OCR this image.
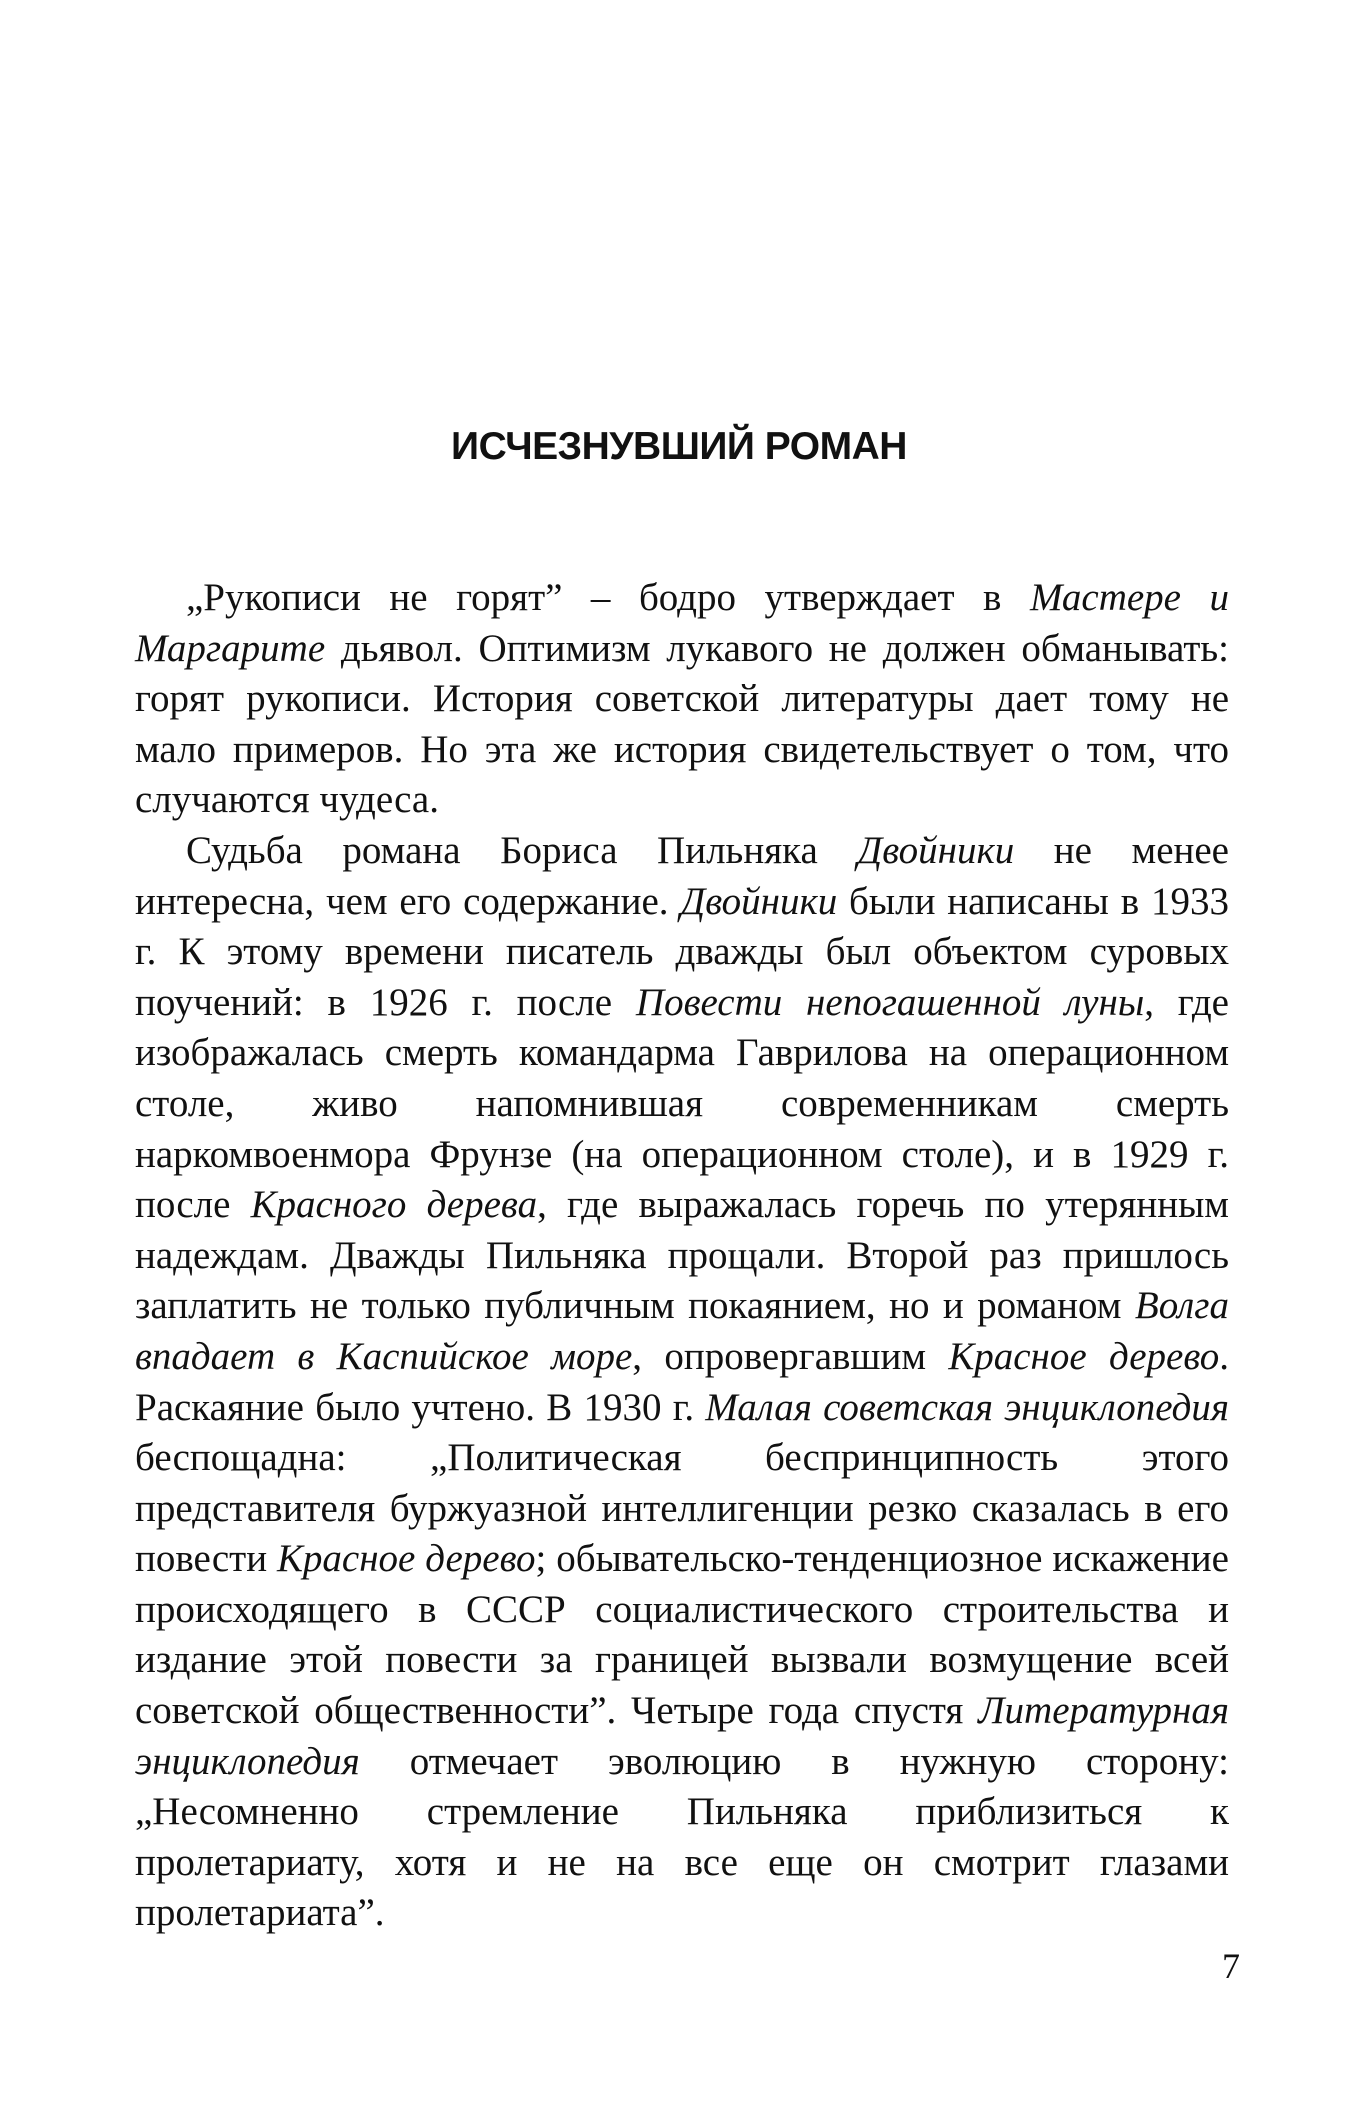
ИСЧЕЗНУВШИЙ РОМАН

„Рукописи не горят” – бодро утверждает в Мастере и Маргарите дьявол. Оптимизм лукавого не должен обманывать: горят рукописи. История советской литературы дает тому не мало примеров. Но эта же история свидетельствует о том, что случаются чудеса.

Судьба романа Бориса Пильняка Двойники не менее интересна, чем его содержание. Двойники были написаны в 1933 г. К этому времени писатель дважды был объектом суровых поучений: в 1926 г. после Повести непогашенной луны, где изображалась смерть командарма Гаврилова на операционном столе, живо напомнившая современникам смерть наркомвоенмора Фрунзе (на операционном столе), и в 1929 г. после Красного дерева, где выражалась горечь по утерянным надеждам. Дважды Пильняка прощали. Второй раз пришлось заплатить не только публичным покаянием, но и романом Волга впадает в Каспийское море, опровергавшим Красное дерево. Раскаяние было учтено. В 1930 г. Малая советская энциклопедия беспощадна: „Политическая беспринципность этого представителя буржуазной интеллигенции резко сказалась в его повести Красное дерево; обывательско-тенденциозное искажение происходящего в СССР социалистического строительства и издание этой повести за границей вызвали возмущение всей советской общественности”. Четыре года спустя Литературная энциклопедия отмечает эволюцию в нужную сторону: „Несомненно стремление Пильняка приблизиться к пролетариату, хотя и не на все еще он смотрит глазами пролетариата”.

7
